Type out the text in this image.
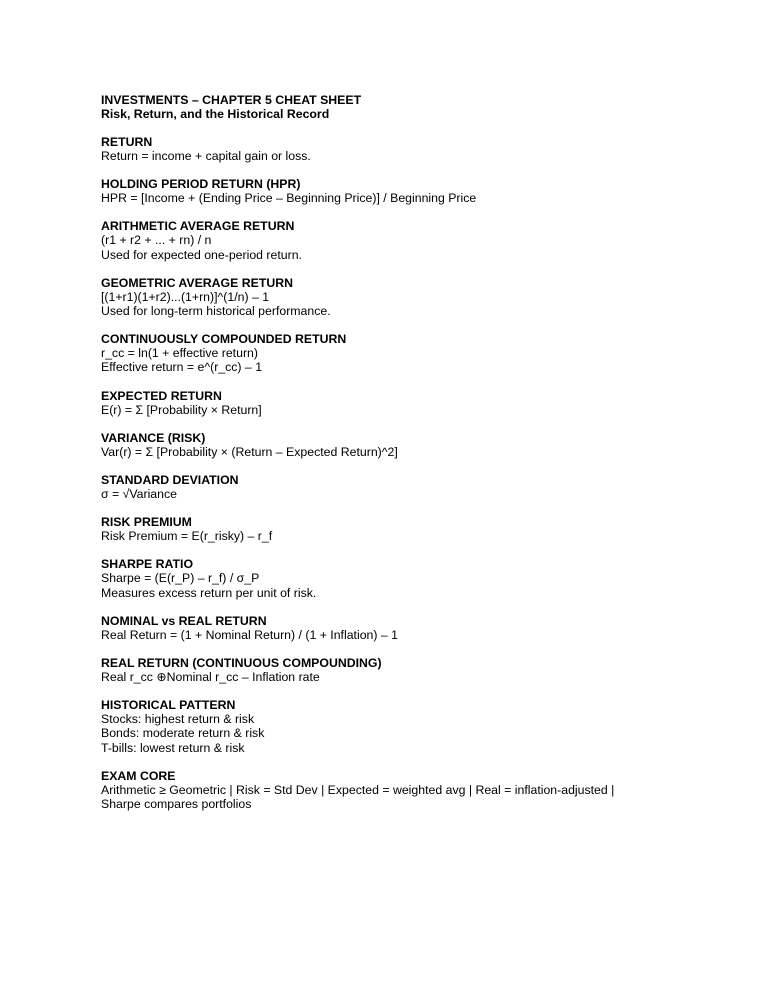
INVESTMENTS – CHAPTER 5 CHEAT SHEET

Risk, Return, and the Historical Record

RETURN

Return = income + capital gain or loss.

HOLDING PERIOD RETURN (HPR)

HPR = [Income + (Ending Price – Beginning Price)] / Beginning Price

ARITHMETIC AVERAGE RETURN

(r1 + r2 + ... + rn) / n

Used for expected one-period return.

GEOMETRIC AVERAGE RETURN

[(1+r1)(1+r2)...(1+rn)]^(1/n) – 1

Used for long-term historical performance.

CONTINUOUSLY COMPOUNDED RETURN

r_cc = ln(1 + effective return)

Effective return = e^(r_cc) – 1

EXPECTED RETURN

E(r) = Σ [Probability × Return]

VARIANCE (RISK)

Var(r) = Σ [Probability × (Return – Expected Return)^2]

STANDARD DEVIATION

σ = √Variance

RISK PREMIUM

Risk Premium = E(r_risky) – r_f

SHARPE RATIO

Sharpe = (E(r_P) – r_f) / σ_P

Measures excess return per unit of risk.

NOMINAL vs REAL RETURN

Real Return = (1 + Nominal Return) / (1 + Inflation) – 1

REAL RETURN (CONTINUOUS COMPOUNDING)

Real r_cc ⊕Nominal r_cc – Inflation rate

HISTORICAL PATTERN

Stocks: highest return & risk

Bonds: moderate return & risk

T-bills: lowest return & risk

EXAM CORE

Arithmetic ≥ Geometric | Risk = Std Dev | Expected = weighted avg | Real = inflation-adjusted |

Sharpe compares portfolios
